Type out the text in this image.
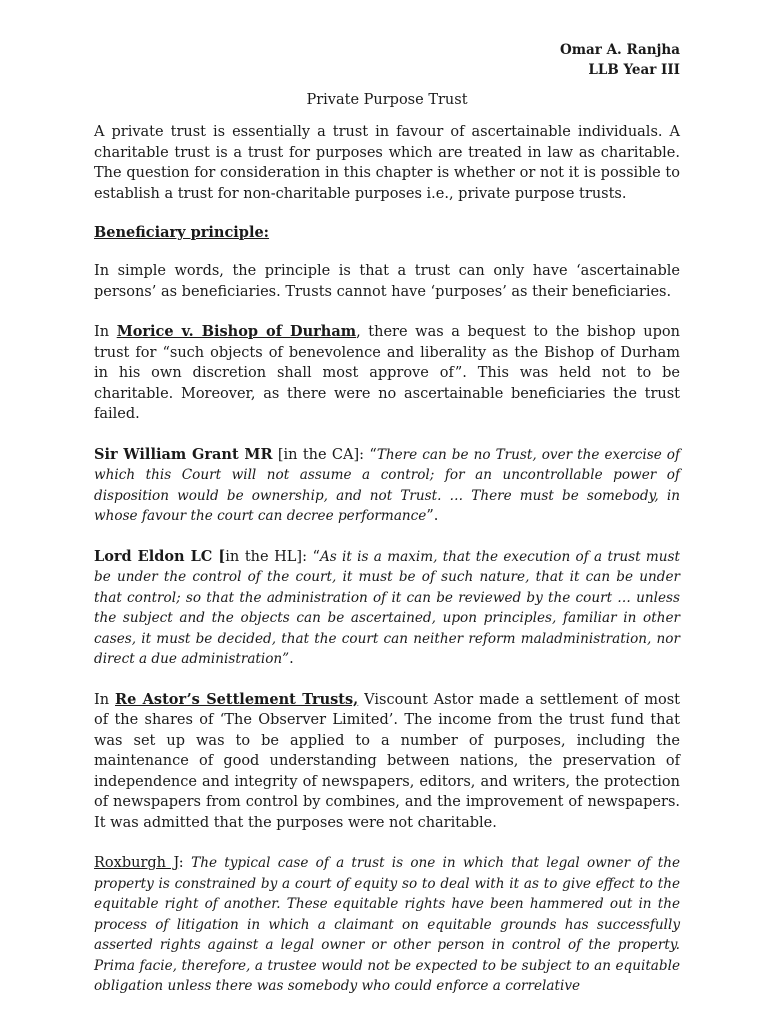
Omar A. Ranjha
LLB Year III
Private Purpose Trust

A private trust is essentially a trust in favour of ascertainable individuals. A charitable trust is a trust for purposes which are treated in law as charitable. The question for consideration in this chapter is whether or not it is possible to establish a trust for non-charitable purposes i.e., private purpose trusts.

Beneficiary principle:

In simple words, the principle is that a trust can only have ‘ascertainable persons’ as beneficiaries. Trusts cannot have ‘purposes’ as their beneficiaries.

In Morice v. Bishop of Durham, there was a bequest to the bishop upon trust for “such objects of benevolence and liberality as the Bishop of Durham in his own discretion shall most approve of”. This was held not to be charitable. Moreover, as there were no ascertainable beneficiaries the trust failed.

Sir William Grant MR [in the CA]: “There can be no Trust, over the exercise of which this Court will not assume a control; for an uncontrollable power of disposition would be ownership, and not Trust. … There must be somebody, in whose favour the court can decree performance”.

Lord Eldon LC [in the HL]: “As it is a maxim, that the execution of a trust must be under the control of the court, it must be of such nature, that it can be under that control; so that the administration of it can be reviewed by the court … unless the subject and the objects can be ascertained, upon principles, familiar in other cases, it must be decided, that the court can neither reform maladministration, nor direct a due administration”.

In Re Astor’s Settlement Trusts, Viscount Astor made a settlement of most of the shares of ‘The Observer Limited’. The income from the trust fund that was set up was to be applied to a number of purposes, including the maintenance of good understanding between nations, the preservation of independence and integrity of newspapers, editors, and writers, the protection of newspapers from control by combines, and the improvement of newspapers. It was admitted that the purposes were not charitable.

Roxburgh J: The typical case of a trust is one in which that legal owner of the property is constrained by a court of equity so to deal with it as to give effect to the equitable right of another. These equitable rights have been hammered out in the process of litigation in which a claimant on equitable grounds has successfully asserted rights against a legal owner or other person in control of the property. Prima facie, therefore, a trustee would not be expected to be subject to an equitable obligation unless there was somebody who could enforce a correlative
